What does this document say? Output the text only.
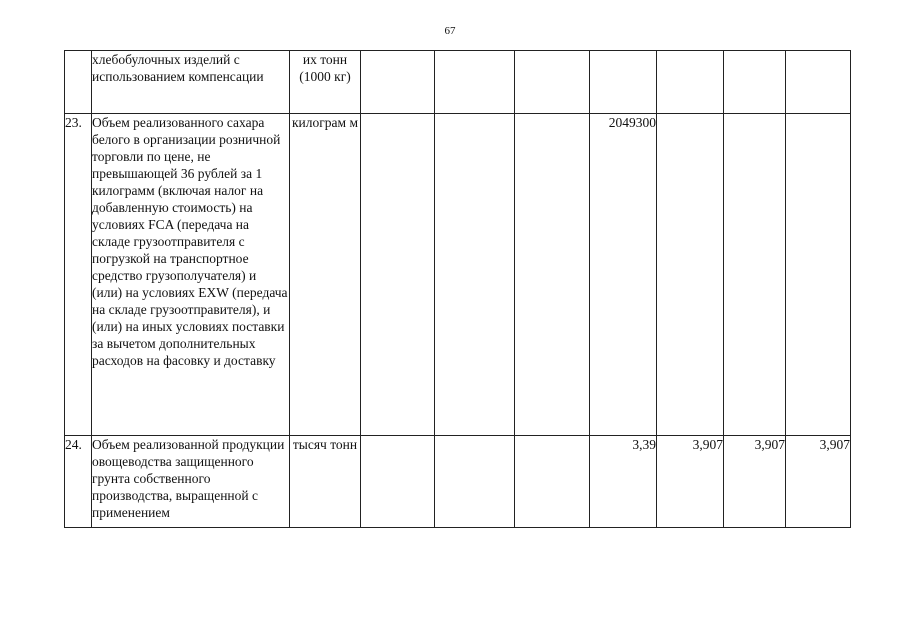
67
	хлебобулочных изделий с использованием компенсации	их тонн (1000 кг)							
23.	Объем реализованного сахара белого в организации розничной торговли по цене, не превышающей 36 рублей за 1 килограмм (включая налог на добавленную стоимость) на условиях FCA (передача на складе грузоотправителя с погрузкой на транспортное средство грузополучателя) и (или) на условиях EXW (передача на складе грузоотправителя), и (или) на иных условиях поставки за вычетом дополнительных расходов на фасовку и доставку	килограм м				2049300			
24.	Объем реализованной продукции овощеводства защищенного грунта собственного производства, выращенной с применением	тысяч тонн				3,39	3,907	3,907	3,907
